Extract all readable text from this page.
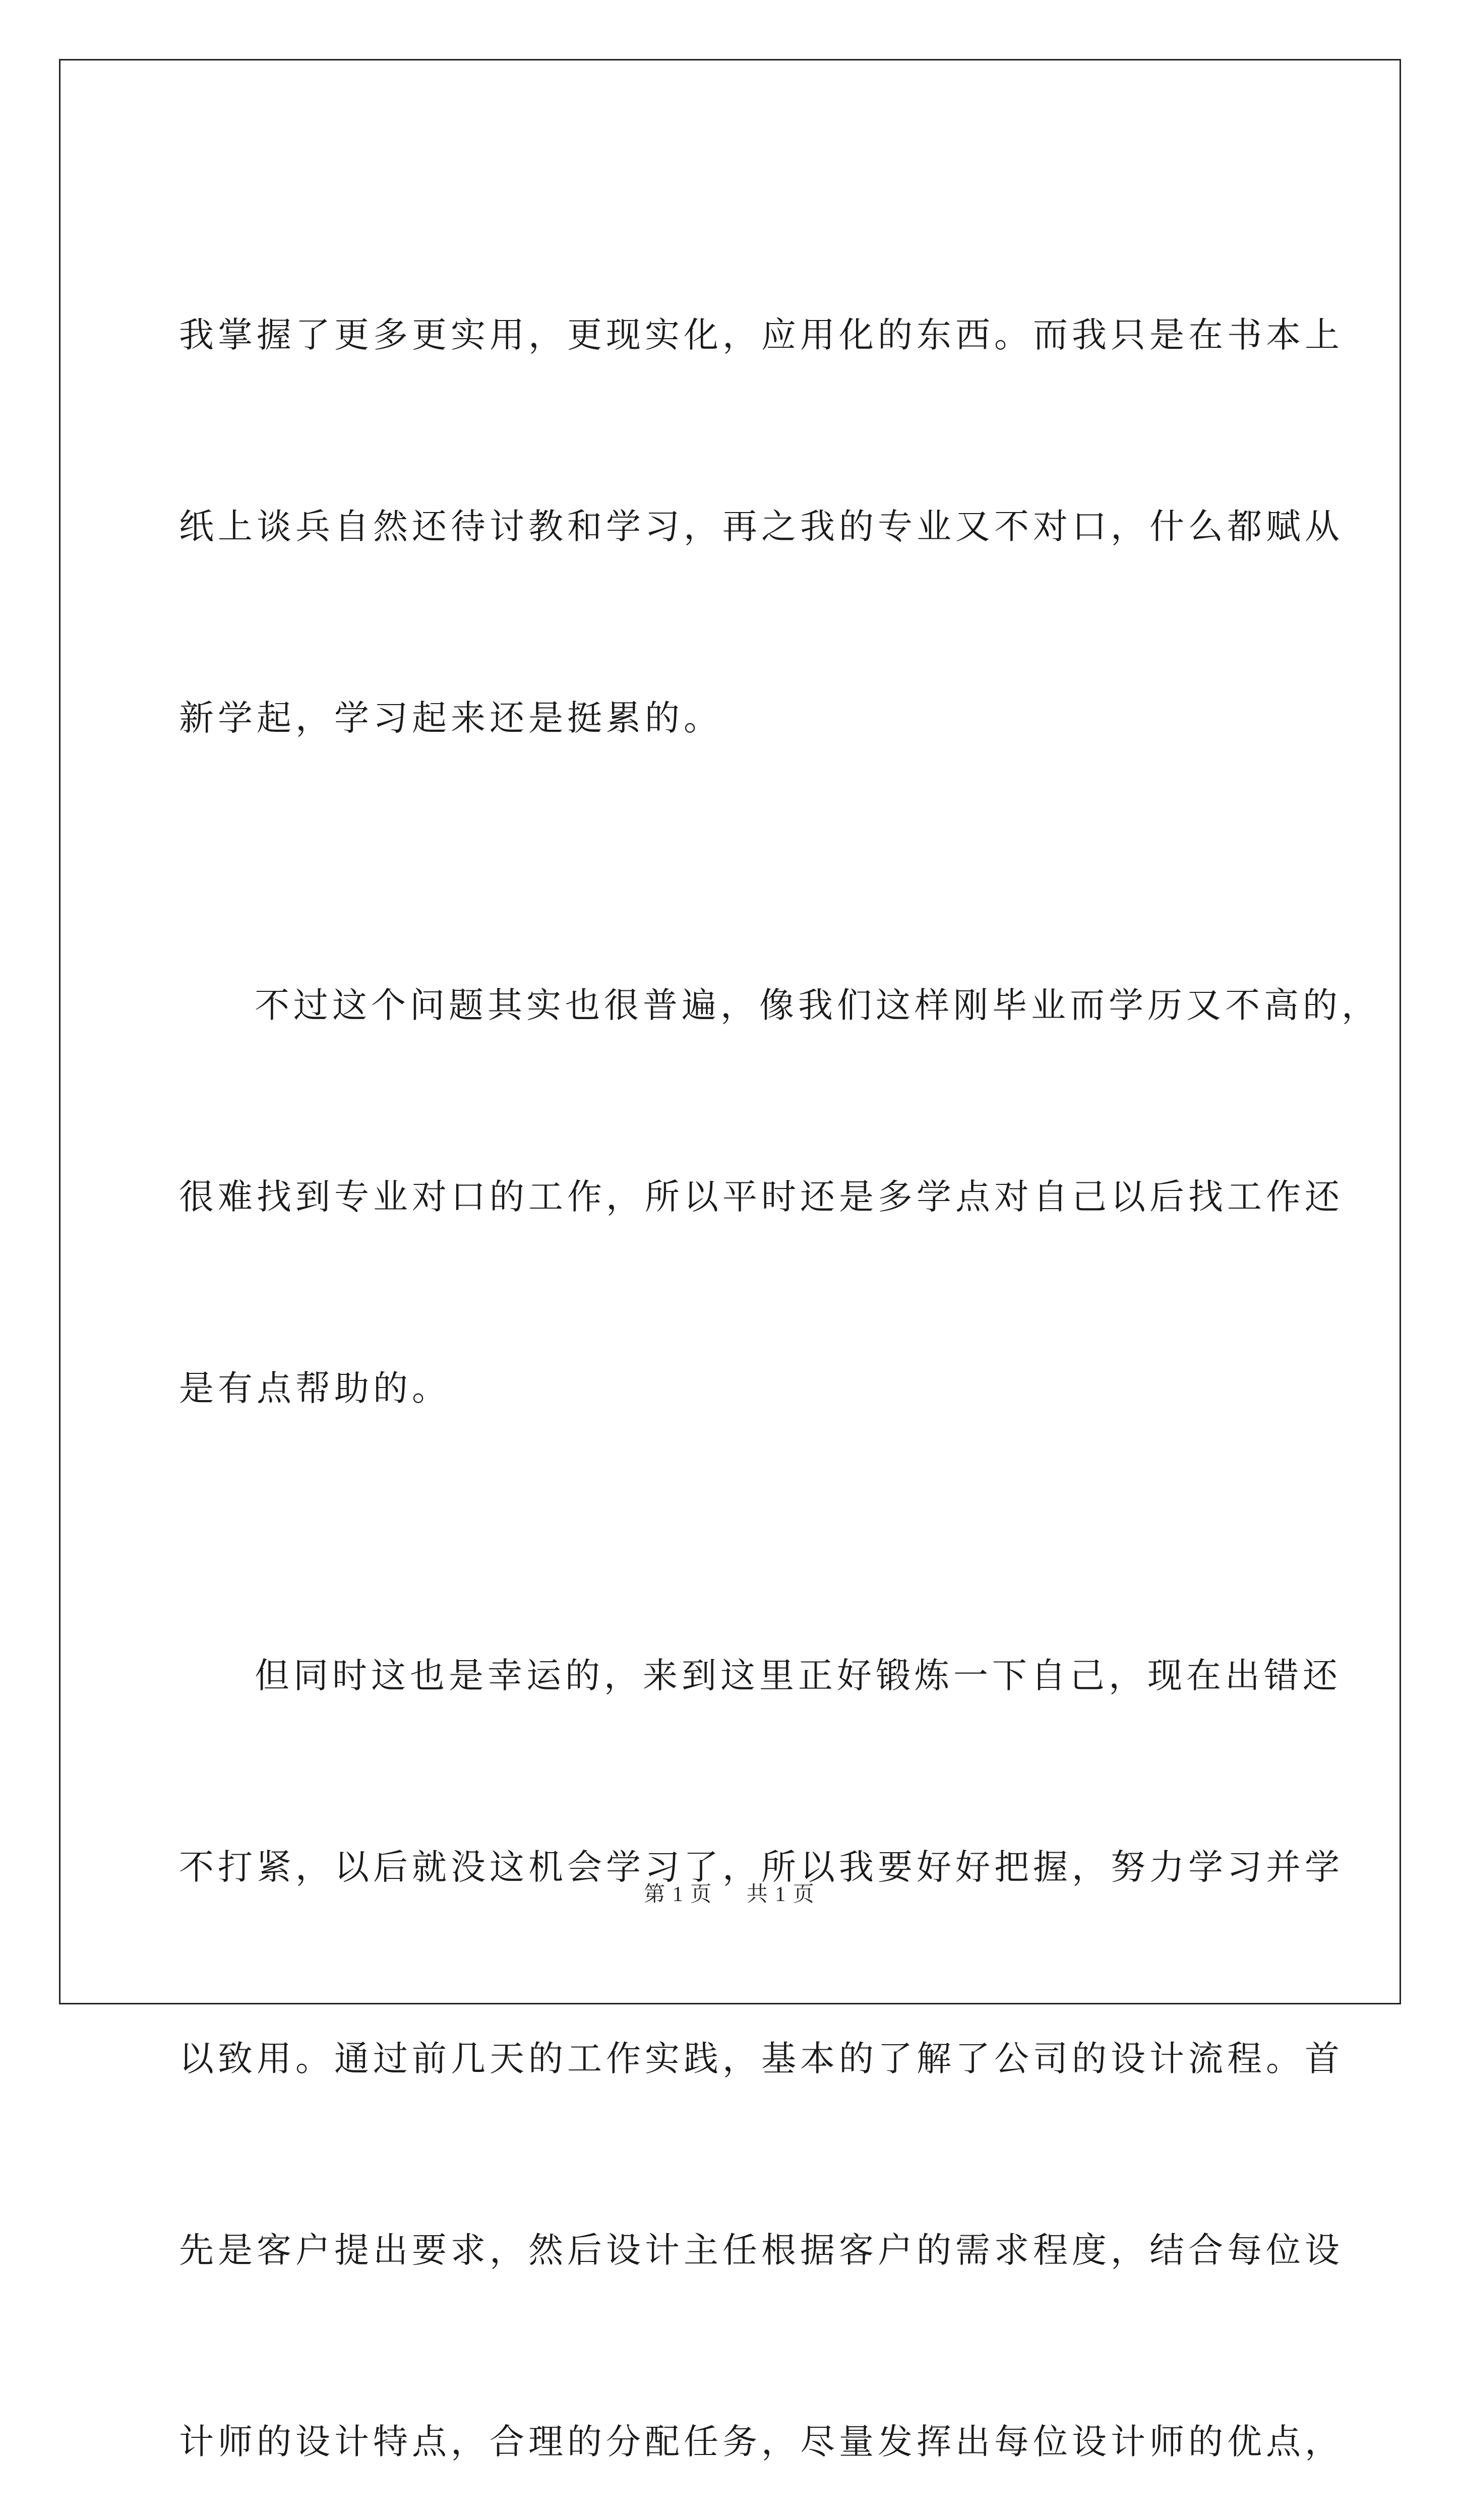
我掌握了更多更实用，更现实化，应用化的东西。而我只是在书本上

纸上谈兵自然还待讨教和学习，再之我的专业又不对口，什么都赋从

新学起，学习起来还是挺累的。

不过这个问题其实也很普遍，像我们这样刚毕业而学历又不高的，

很难找到专业对口的工作，所以平时还是多学点对自己以后找工作还

是有点帮助的。

但同时这也是幸运的，来到这里正好锻炼一下自己，现在出错还

不打紧，以后就没这机会学习了，所以我要好好把握，努力学习并学

以致用。通过前几天的工作实践，基本的了解了公司的设计流程。首

先是客户提出要求，然后设计主任根据客户的需求程度，结合每位设

计师的设计特点，合理的分配任务，尽量发挥出每位设计师的优点，

第 1 页 共 1 页
